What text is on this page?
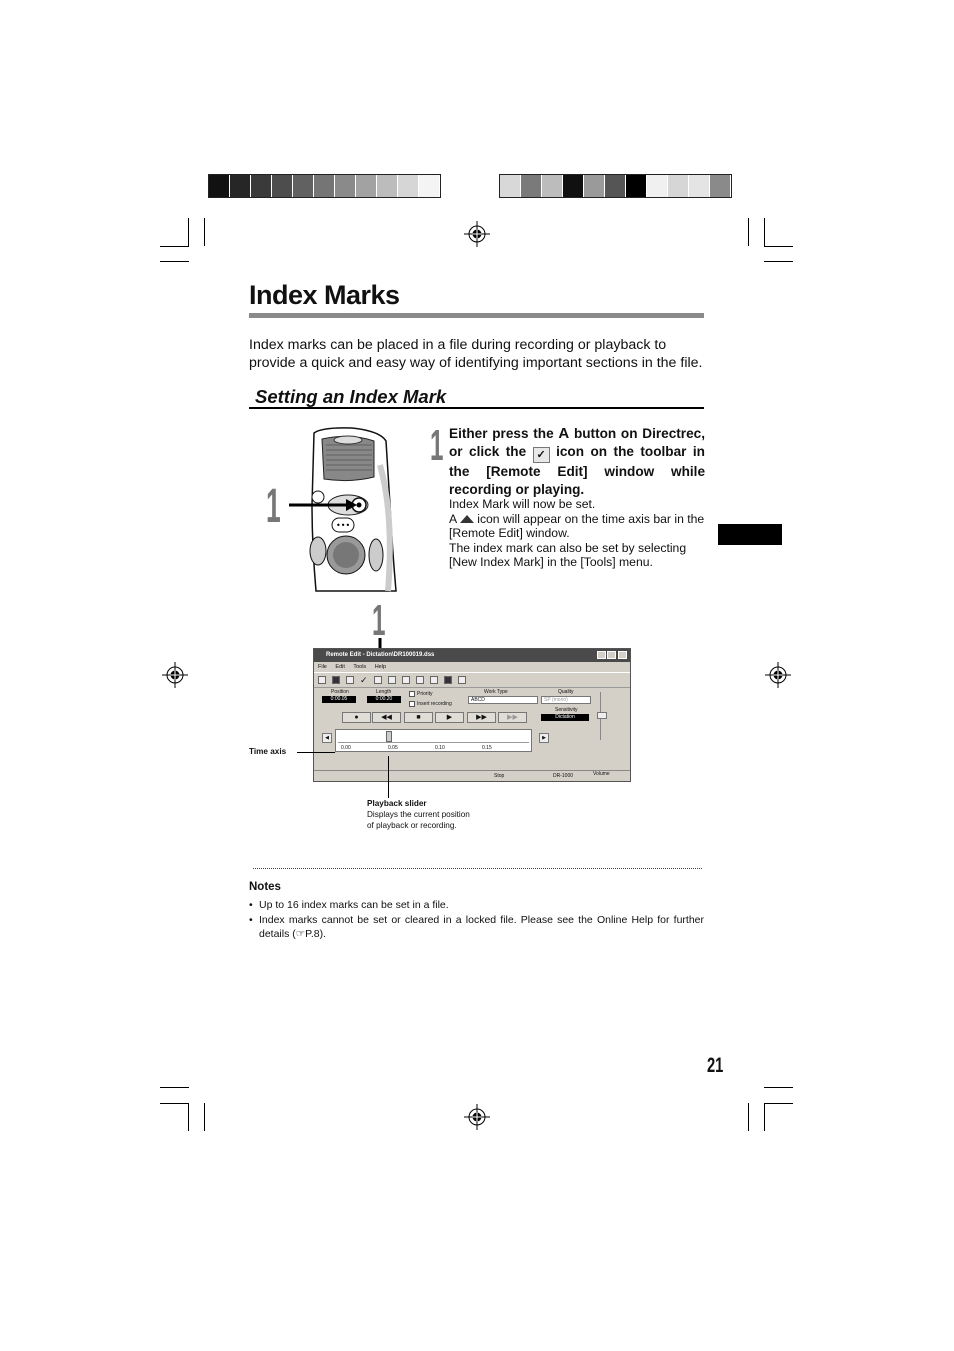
Index Marks
Index marks can be placed in a file during recording or playback to provide a quick and easy way of identifying important sections in the file.
Setting an Index Mark
•••
1
1 Either press the A button on Directrec, or click the ✓ icon on the toolbar in the [Remote Edit] window while recording or playing.
Index Mark will now be set.
A  icon will appear on the time axis bar in the [Remote Edit] window.
The index mark can also be set by selecting [New Index Mark] in the [Tools] menu.
1
Remote Edit - Dictation\DR100019.dss
File Edit Tools Help
✓
Position
0:00.05
Length
0:00.20
Priority
Insert recording
Work Type
ABCD
Quality
SP (mono)
Sensitivity
Dictation
Volume
●	◀◀	■	▶	▶▶	▶▶
◀	▶
0.00	0.05	0.10	0.15
Stop	DR-1000
Time axis
Playback slider
Displays the current position of playback or recording.
Notes
• Up to 16 index marks can be set in a file.
• Index marks cannot be set or cleared in a locked file. Please see the Online Help for further details (☞P.8).
21
